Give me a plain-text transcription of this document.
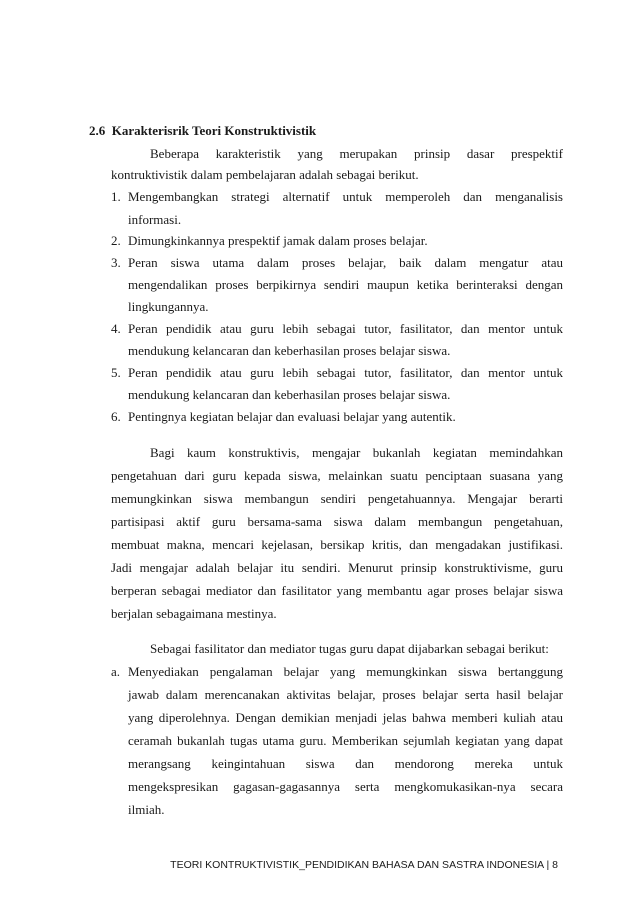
2.6 Karakterisrik Teori Konstruktivistik
Beberapa karakteristik yang merupakan prinsip dasar prespektif
kontruktivistik dalam pembelajaran adalah sebagai berikut.
1. Mengembangkan strategi alternatif untuk memperoleh dan menganalisis
informasi.
2. Dimungkinkannya prespektif jamak dalam proses belajar.
3. Peran siswa utama dalam proses belajar, baik dalam mengatur atau
mengendalikan proses berpikirnya sendiri maupun ketika berinteraksi dengan
lingkungannya.
4. Peran pendidik atau guru lebih sebagai tutor, fasilitator, dan mentor untuk
mendukung kelancaran dan keberhasilan proses belajar siswa.
5. Peran pendidik atau guru lebih sebagai tutor, fasilitator, dan mentor untuk
mendukung kelancaran dan keberhasilan proses belajar siswa.
6. Pentingnya kegiatan belajar dan evaluasi belajar yang autentik.
Bagi kaum konstruktivis, mengajar bukanlah kegiatan memindahkan
pengetahuan dari guru kepada siswa, melainkan suatu penciptaan suasana yang
memungkinkan siswa membangun sendiri pengetahuannya. Mengajar berarti
partisipasi aktif guru bersama-sama siswa dalam membangun pengetahuan,
membuat makna, mencari kejelasan, bersikap kritis, dan mengadakan justifikasi.
Jadi mengajar adalah belajar itu sendiri. Menurut prinsip konstruktivisme, guru
berperan sebagai mediator dan fasilitator yang membantu agar proses belajar siswa
berjalan sebagaimana mestinya.
Sebagai fasilitator dan mediator tugas guru dapat dijabarkan sebagai berikut:
a. Menyediakan pengalaman belajar yang memungkinkan siswa bertanggung
jawab dalam merencanakan aktivitas belajar, proses belajar serta hasil belajar
yang diperolehnya. Dengan demikian menjadi jelas bahwa memberi kuliah atau
ceramah bukanlah tugas utama guru. Memberikan sejumlah kegiatan yang dapat
merangsang keingintahuan siswa dan mendorong mereka untuk
mengekspresikan gagasan-gagasannya serta mengkomukasikan-nya secara
ilmiah.
TEORI KONTRUKTIVISTIK_PENDIDIKAN BAHASA DAN SASTRA INDONESIA | 8
